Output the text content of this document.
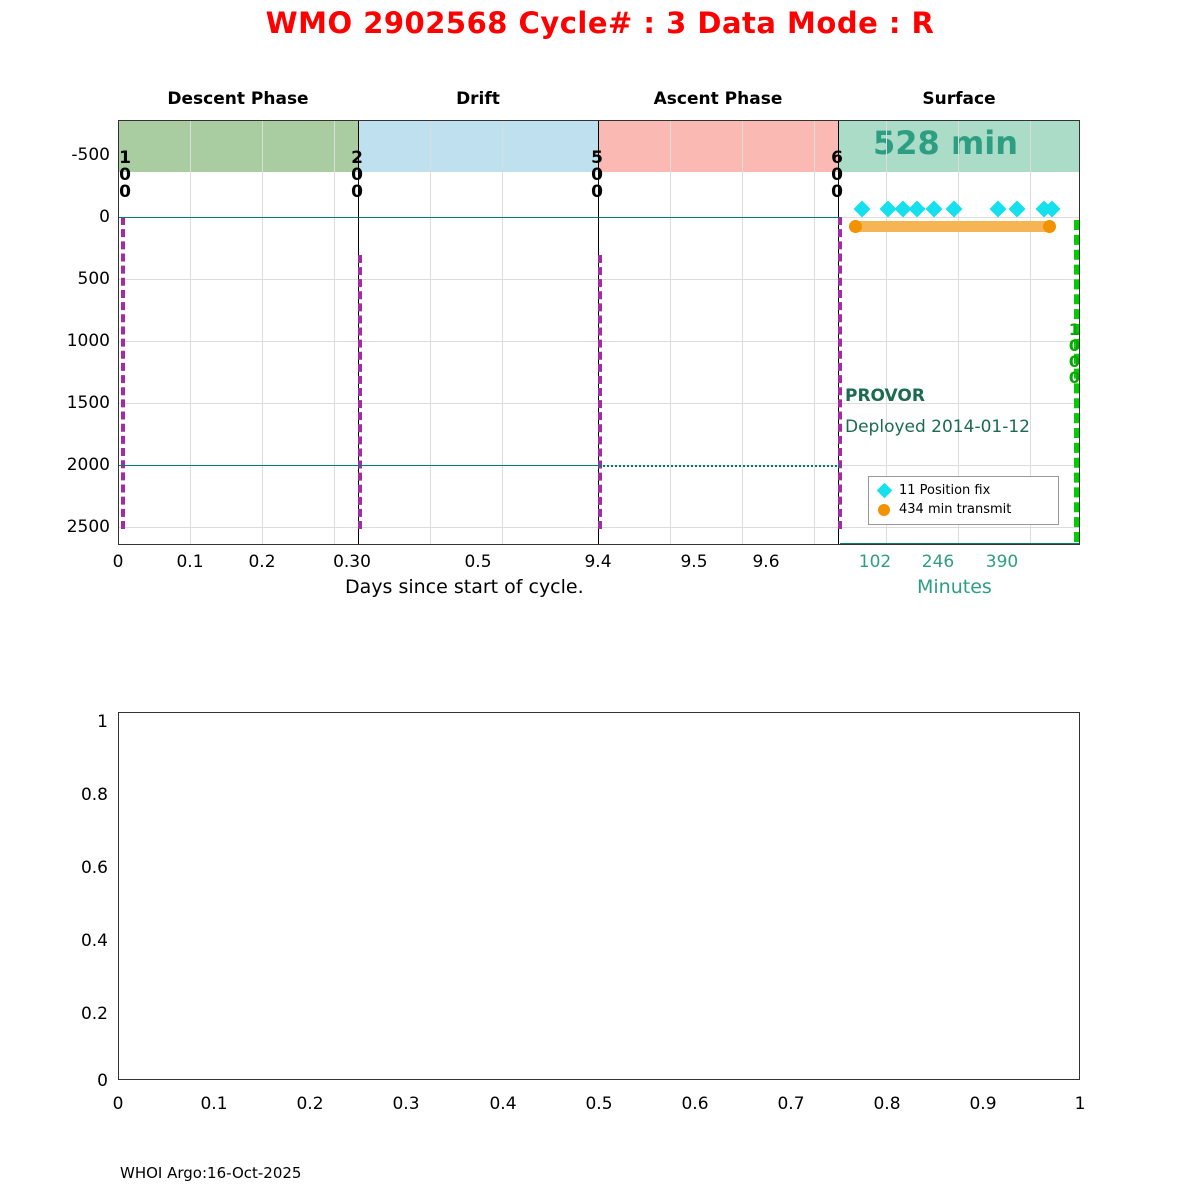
WMO 2902568 Cycle# : 3 Data Mode : R
Descent Phase	Drift	Ascent Phase	Surface
528 min
100	200	500	600
1000
PROVOR
Deployed 2014-01-12
11 Position fix
434 min transmit
-500
0
500
1000
1500
2000
2500
0	0.1	0.2	0.30	0.5	9.4	9.5	9.6	102	246	390
Days since start of cycle.	Minutes
1
0.8
0.6
0.4
0.2
0
0	0.1	0.2	0.3	0.4	0.5	0.6	0.7	0.8	0.9	1
WHOI Argo:16-Oct-2025
